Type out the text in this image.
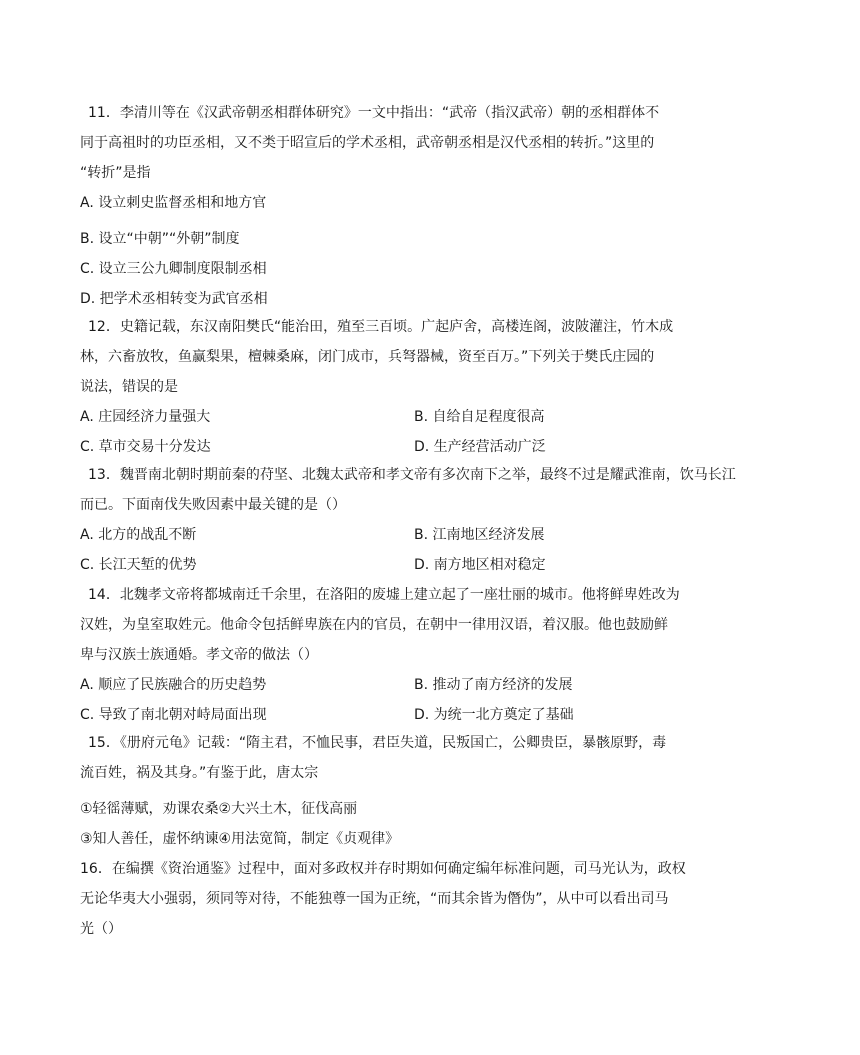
11．李清川等在《汉武帝朝丞相群体研究》一文中指出：“武帝（指汉武帝）朝的丞相群体不
同于高祖时的功臣丞相，又不类于昭宣后的学术丞相，武帝朝丞相是汉代丞相的转折。”这里的
“转折”是指
A. 设立刺史监督丞相和地方官
B. 设立“中朝”“外朝”制度
C. 设立三公九卿制度限制丞相
D. 把学术丞相转变为武官丞相
12．史籍记载，东汉南阳樊氏“能治田，殖至三百顷。广起庐舍，高楼连阁，波陂灌注，竹木成
林，六畜放牧，鱼赢梨果，檀棘桑麻，闭门成市，兵弩器械，资至百万。”下列关于樊氏庄园的
说法，错误的是
A. 庄园经济力量强大	B. 自给自足程度很高
C. 草市交易十分发达	D. 生产经营活动广泛
13．魏晋南北朝时期前秦的苻坚、北魏太武帝和孝文帝有多次南下之举，最终不过是耀武淮南，饮马长江
而已。下面南伐失败因素中最关键的是（）
A. 北方的战乱不断	B. 江南地区经济发展
C. 长江天堑的优势	D. 南方地区相对稳定
14．北魏孝文帝将都城南迁千余里，在洛阳的废墟上建立起了一座壮丽的城市。他将鲜卑姓改为
汉姓，为皇室取姓元。他命令包括鲜卑族在内的官员，在朝中一律用汉语，着汉服。他也鼓励鲜
卑与汉族士族通婚。孝文帝的做法（）
A. 顺应了民族融合的历史趋势	B. 推动了南方经济的发展
C. 导致了南北朝对峙局面出现	D. 为统一北方奠定了基础
15．《册府元龟》记载：“隋主君，不恤民事，君臣失道，民叛国亡，公卿贵臣，暴骸原野，毒
流百姓，祸及其身。”有鉴于此，唐太宗
①轻徭薄赋，劝课农桑②大兴土木，征伐高丽
③知人善任，虚怀纳谏④用法宽简，制定《贞观律》
16．在编撰《资治通鉴》过程中，面对多政权并存时期如何确定编年标准问题，司马光认为，政权
无论华夷大小强弱，须同等对待，不能独尊一国为正统，“而其余皆为僭伪”，从中可以看出司马
光（）
